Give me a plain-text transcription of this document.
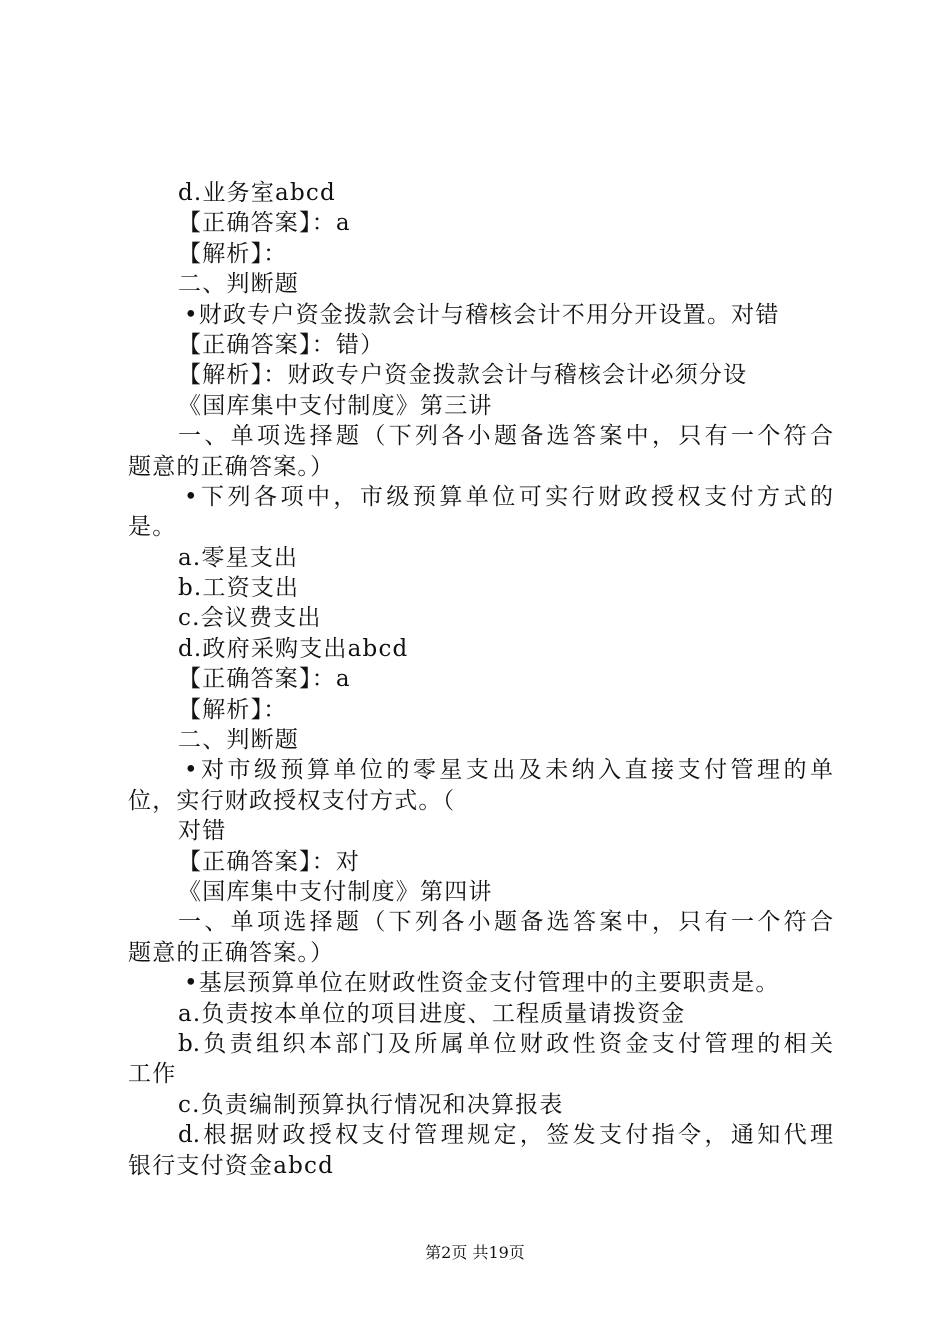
d.业务室abcd
【正确答案】：a
【解析】：
二、判断题
•财政专户资金拨款会计与稽核会计不用分开设置。对错
【正确答案】：错）
【解析】：财政专户资金拨款会计与稽核会计必须分设
《国库集中支付制度》第三讲
一、单项选择题（下列各小题备选答案中，只有一个符合
题意的正确答案。）
•下列各项中，市级预算单位可实行财政授权支付方式的
是。
a.零星支出
b.工资支出
c.会议费支出
d.政府采购支出abcd
【正确答案】：a
【解析】：
二、判断题
•对市级预算单位的零星支出及未纳入直接支付管理的单
位，实行财政授权支付方式。（
对错
【正确答案】：对
《国库集中支付制度》第四讲
一、单项选择题（下列各小题备选答案中，只有一个符合
题意的正确答案。）
•基层预算单位在财政性资金支付管理中的主要职责是。
a.负责按本单位的项目进度、工程质量请拨资金
b.负责组织本部门及所属单位财政性资金支付管理的相关
工作
c.负责编制预算执行情况和决算报表
d.根据财政授权支付管理规定，签发支付指令，通知代理
银行支付资金abcd
第2页 共19页
